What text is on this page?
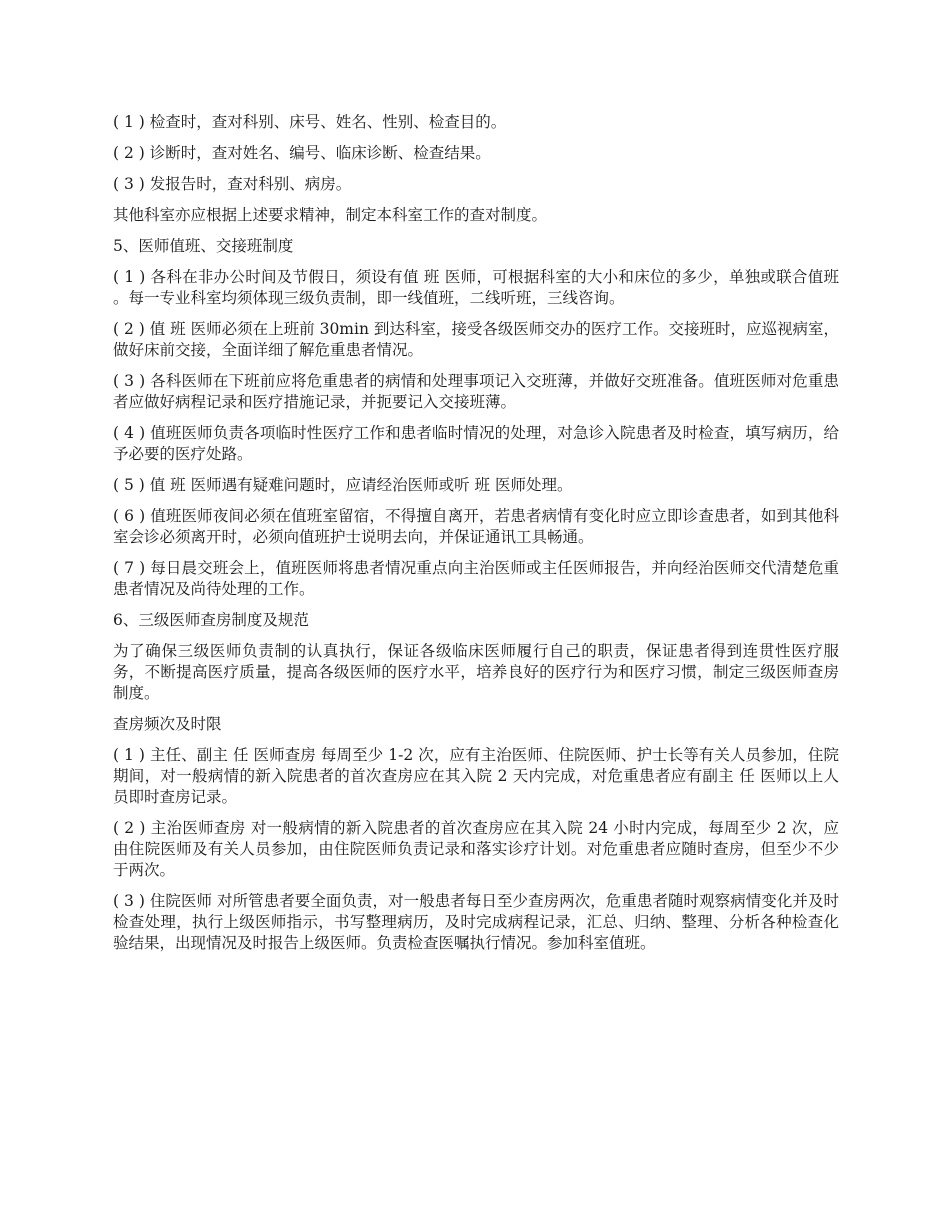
( 1 ) 检查时，查对科别、床号、姓名、性别、检查目的。

( 2 ) 诊断时，查对姓名、编号、临床诊断、检查结果。

( 3 ) 发报告时，查对科别、病房。

其他科室亦应根据上述要求精神，制定本科室工作的查对制度。

5、医师值班、交接班制度

( 1 ) 各科在非办公时间及节假日，须设有值 班 医师，可根据科室的大小和床位的多少，单独或联合值班 。每一专业科室均须体现三级负责制，即一线值班，二线听班，三线咨询。

( 2 ) 值 班 医师必须在上班前 30min 到达科室，接受各级医师交办的医疗工作。交接班时，应巡视病室，做好床前交接，全面详细了解危重患者情况。

( 3 ) 各科医师在下班前应将危重患者的病情和处理事项记入交班薄，并做好交班准备。值班医师对危重患者应做好病程记录和医疗措施记录，并扼要记入交接班薄。

( 4 ) 值班医师负责各项临时性医疗工作和患者临时情况的处理，对急诊入院患者及时检查，填写病历，给予必要的医疗处路。

( 5 ) 值 班 医师遇有疑难问题时，应请经治医师或听 班 医师处理。

( 6 ) 值班医师夜间必须在值班室留宿，不得擅自离开，若患者病情有变化时应立即诊查患者，如到其他科室会诊必须离开时，必须向值班护士说明去向，并保证通讯工具畅通。

( 7 ) 每日晨交班会上，值班医师将患者情况重点向主治医师或主任医师报告，并向经治医师交代清楚危重患者情况及尚待处理的工作。

6、三级医师查房制度及规范

为了确保三级医师负责制的认真执行，保证各级临床医师履行自己的职责，保证患者得到连贯性医疗服务，不断提高医疗质量，提高各级医师的医疗水平，培养良好的医疗行为和医疗习惯，制定三级医师查房制度。

查房频次及时限

( 1 ) 主任、副主 任 医师查房 每周至少 1-2 次，应有主治医师、住院医师、护士长等有关人员参加，住院期间，对一般病情的新入院患者的首次查房应在其入院 2 天内完成，对危重患者应有副主 任 医师以上人员即时查房记录。

( 2 ) 主治医师查房 对一般病情的新入院患者的首次查房应在其入院 24 小时内完成，每周至少 2 次，应由住院医师及有关人员参加，由住院医师负责记录和落实诊疗计划。对危重患者应随时查房，但至少不少于两次。

( 3 ) 住院医师 对所管患者要全面负责，对一般患者每日至少查房两次，危重患者随时观察病情变化并及时检查处理，执行上级医师指示，书写整理病历，及时完成病程记录，汇总、归纳、整理、分析各种检查化验结果，出现情况及时报告上级医师。负责检查医嘱执行情况。参加科室值班。
